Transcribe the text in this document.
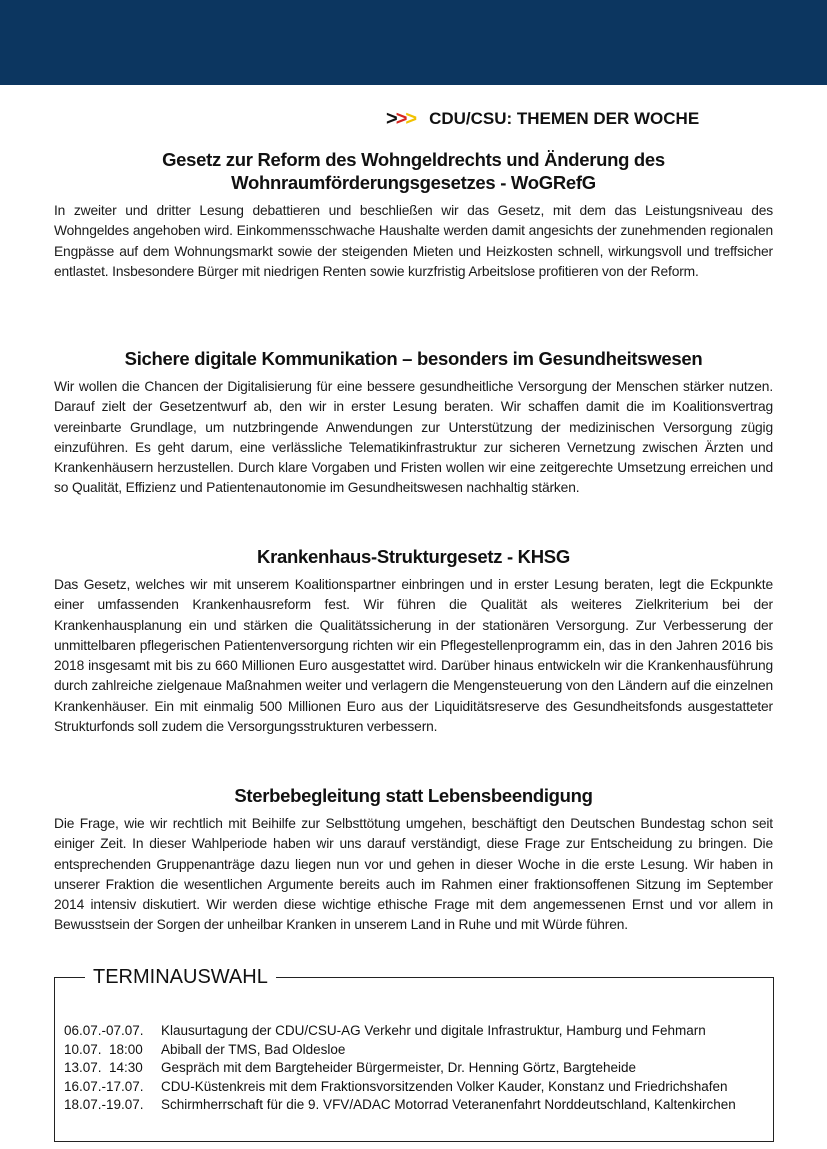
>>> CDU/CSU: THEMEN DER WOCHE
Gesetz zur Reform des Wohngeldrechts und Änderung des
Wohnraumförderungsgesetzes - WoGRefG

In zweiter und dritter Lesung debattieren und beschließen wir das Gesetz, mit dem das Leistungsniveau des Wohngeldes angehoben wird. Einkommensschwache Haushalte werden damit angesichts der zunehmenden regionalen Engpässe auf dem Wohnungsmarkt sowie der steigenden Mieten und Heizkosten schnell, wirkungsvoll und treffsicher entlastet. Insbesondere Bürger mit niedrigen Renten sowie kurzfristig Arbeitslose profitieren von der Reform.

Sichere digitale Kommunikation – besonders im Gesundheitswesen

Wir wollen die Chancen der Digitalisierung für eine bessere gesundheitliche Versorgung der Menschen stärker nutzen. Darauf zielt der Gesetzentwurf ab, den wir in erster Lesung beraten. Wir schaffen damit die im Koalitionsvertrag vereinbarte Grundlage, um nutzbringende Anwendungen zur Unterstützung der medizinischen Versorgung zügig einzuführen. Es geht darum, eine verlässliche Telematikinfrastruktur zur sicheren Vernetzung zwischen Ärzten und Krankenhäusern herzustellen. Durch klare Vorgaben und Fristen wollen wir eine zeitgerechte Umsetzung erreichen und so Qualität, Effizienz und Patientenautonomie im Gesundheitswesen nachhaltig stärken.

Krankenhaus-Strukturgesetz - KHSG

Das Gesetz, welches wir mit unserem Koalitionspartner einbringen und in erster Lesung beraten, legt die Eckpunkte einer umfassenden Krankenhausreform fest. Wir führen die Qualität als weiteres Zielkriterium bei der Krankenhausplanung ein und stärken die Qualitätssicherung in der stationären Versorgung. Zur Verbesserung der unmittelbaren pflegerischen Patientenversorgung richten wir ein Pflegestellenprogramm ein, das in den Jahren 2016 bis 2018 insgesamt mit bis zu 660 Millionen Euro ausgestattet wird. Darüber hinaus entwickeln wir die Krankenhausführung durch zahlreiche zielgenaue Maßnahmen weiter und verlagern die Mengensteuerung von den Ländern auf die einzelnen Krankenhäuser. Ein mit einmalig 500 Millionen Euro aus der Liquiditätsreserve des Gesundheitsfonds ausgestatteter Strukturfonds soll zudem die Versorgungsstrukturen verbessern.

Sterbebegleitung statt Lebensbeendigung

Die Frage, wie wir rechtlich mit Beihilfe zur Selbsttötung umgehen, beschäftigt den Deutschen Bundestag schon seit einiger Zeit. In dieser Wahlperiode haben wir uns darauf verständigt, diese Frage zur Entscheidung zu bringen. Die entsprechenden Gruppenanträge dazu liegen nun vor und gehen in dieser Woche in die erste Lesung. Wir haben in unserer Fraktion die wesentlichen Argumente bereits auch im Rahmen einer fraktionsoffenen Sitzung im September 2014 intensiv diskutiert. Wir werden diese wichtige ethische Frage mit dem angemessenen Ernst und vor allem in Bewusstsein der Sorgen der unheilbar Kranken in unserem Land in Ruhe und mit Würde führen.

TERMINAUSWAHL
06.07.-07.07.	Klausurtagung der CDU/CSU-AG Verkehr und digitale Infrastruktur, Hamburg und Fehmarn
10.07.  18:00	Abiball der TMS, Bad Oldesloe
13.07.  14:30	Gespräch mit dem Bargteheider Bürgermeister, Dr. Henning Görtz, Bargteheide
16.07.-17.07.	CDU-Küstenkreis mit dem Fraktionsvorsitzenden Volker Kauder, Konstanz und Friedrichshafen
18.07.-19.07.	Schirmherrschaft für die 9. VFV/ADAC Motorrad Veteranenfahrt Norddeutschland, Kaltenkirchen
